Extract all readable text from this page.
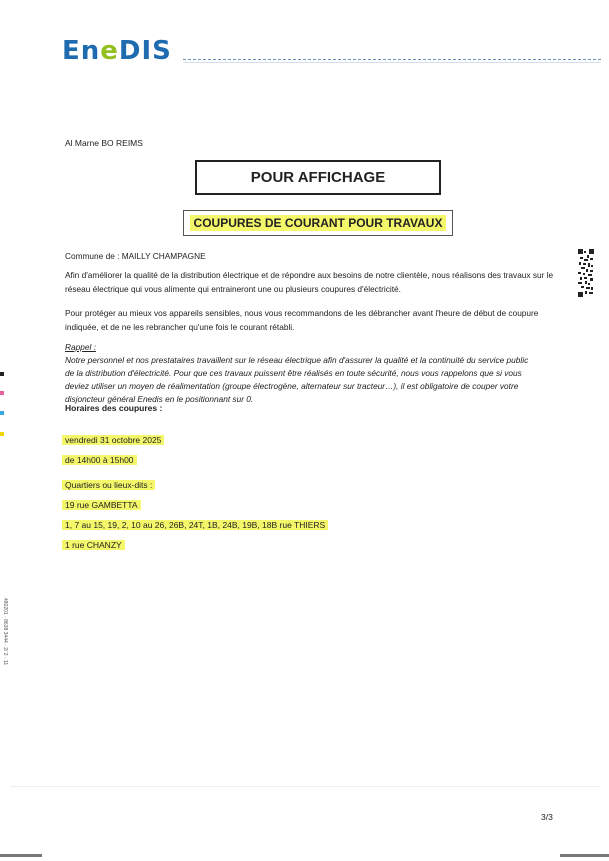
EneDIS
Al Marne BO REIMS
POUR AFFICHAGE
COUPURES DE COURANT POUR TRAVAUX
Commune de : MAILLY CHAMPAGNE
Afin d'améliorer la qualité de la distribution électrique et de répondre aux besoins de notre clientèle, nous réalisons des travaux sur le réseau électrique qui vous alimente qui entraineront une ou plusieurs coupures d'électricité.
Pour protéger au mieux vos appareils sensibles, nous vous recommandons de les débrancher avant l'heure de début de coupure indiquée, et de ne les rebrancher qu'une fois le courant rétabli.
Rappel :
Notre personnel et nos prestataires travaillent sur le réseau électrique afin d'assurer la qualité et la continuité du service public
de la distribution d'électricité. Pour que ces travaux puissent être réalisés en toute sécurité, nous vous rappelons que si vous
deviez utiliser un moyen de réalimentation (groupe électrogène, alternateur sur tracteur…), il est obligatoire de couper votre
disjoncteur général Enedis en le positionnant sur 0.
Horaires des coupures :
vendredi 31 octobre 2025
de 14h00 à 15h00
Quartiers ou lieux-dits :
19 rue GAMBETTA
1, 7 au 15, 19, 2, 10 au 26, 26B, 24T, 1B, 24B, 19B, 18B rue THIERS
1 rue CHANZY
480201 · 8638 3444 · 2/ 2 · 11
3/3
